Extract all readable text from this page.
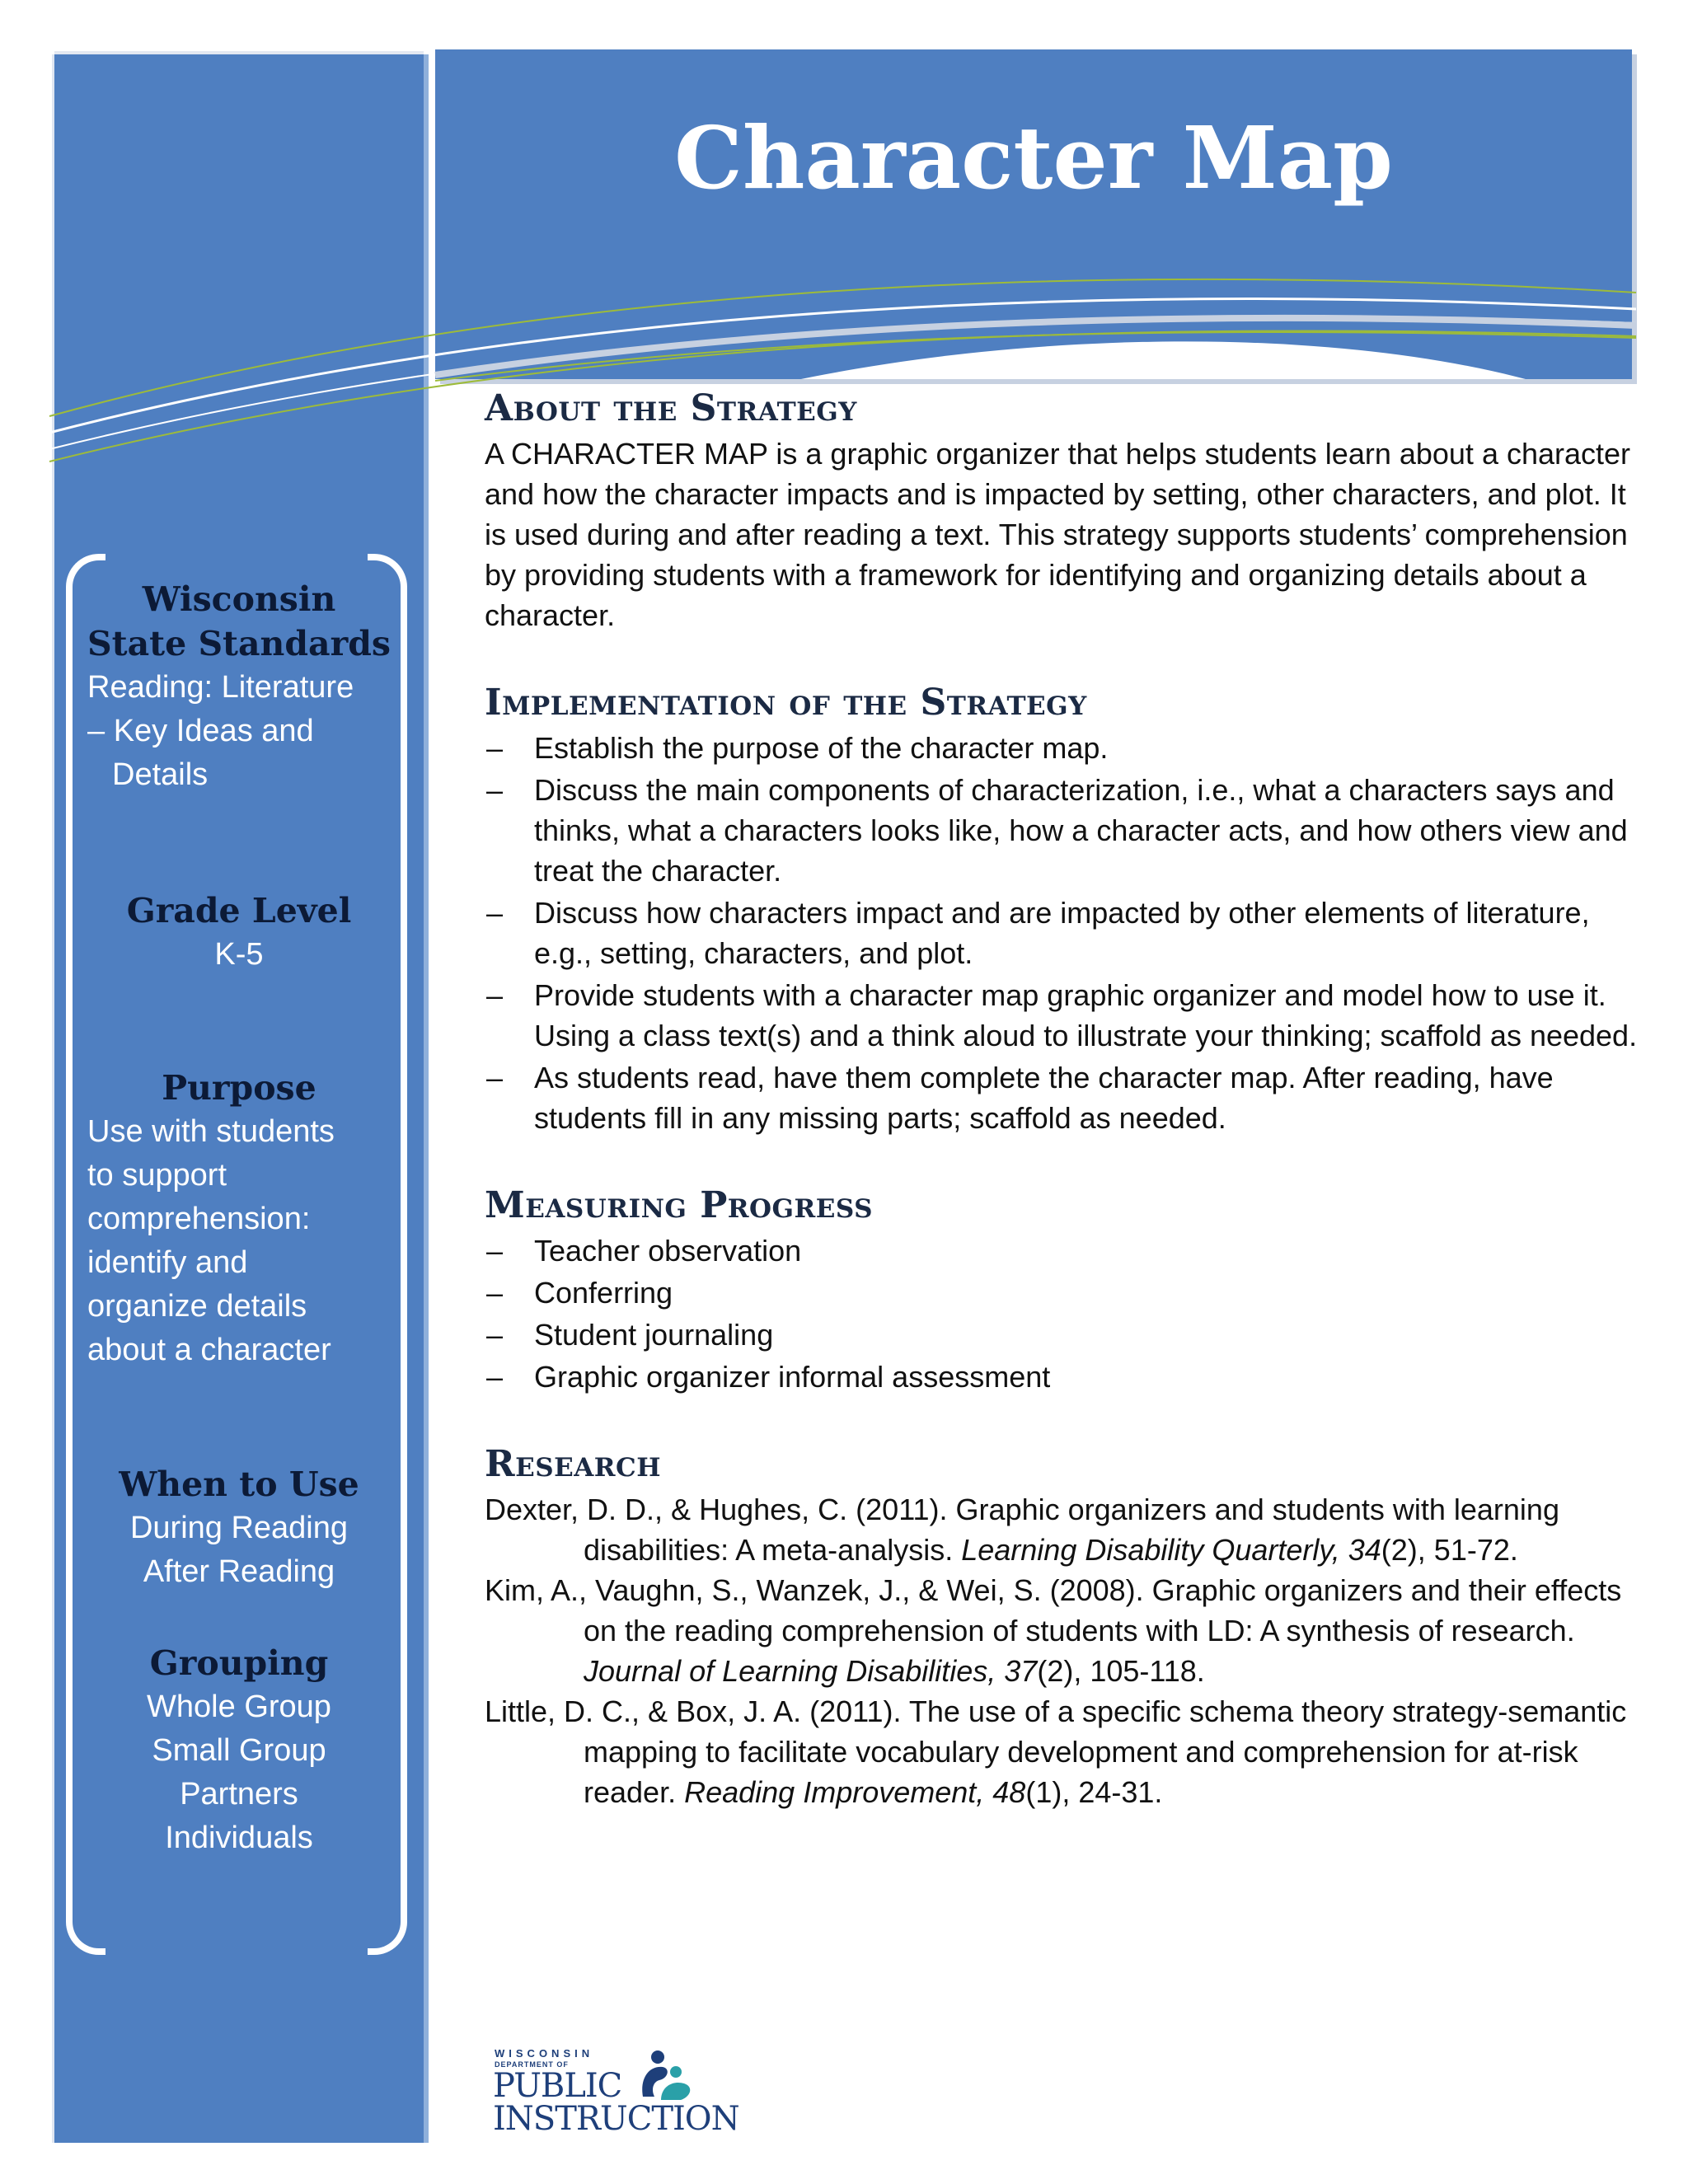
Wisconsin

State Standards

Reading: Literature

– Key Ideas and

Details

Grade Level

K-5

Purpose

Use with students

to support

comprehension:

identify and

organize details

about a character

When to Use

During Reading

After Reading

Grouping

Whole Group

Small Group

Partners

Individuals

Character Map
About the Strategy

A CHARACTER MAP is a graphic organizer that helps students learn about a character and how the character impacts and is impacted by setting, other characters, and plot. It is used during and after reading a text. This strategy supports students’ comprehension by providing students with a framework for identifying and organizing details about a character.

Implementation of the Strategy
– Establish the purpose of the character map.
– Discuss the main components of characterization, i.e., what a characters says and thinks, what a characters looks like, how a character acts, and how others view and treat the character.
– Discuss how characters impact and are impacted by other elements of literature, e.g., setting, characters, and plot.
– Provide students with a character map graphic organizer and model how to use it. Using a class text(s) and a think aloud to illustrate your thinking; scaffold as needed.
– As students read, have them complete the character map. After reading, have students fill in any missing parts; scaffold as needed.
Measuring Progress
– Teacher observation
– Conferring
– Student journaling
– Graphic organizer informal assessment
Research

Dexter, D. D., & Hughes, C. (2011). Graphic organizers and students with learning disabilities: A meta-analysis. Learning Disability Quarterly, 34(2), 51-72.

Kim, A., Vaughn, S., Wanzek, J., & Wei, S. (2008). Graphic organizers and their effects on the reading comprehension of students with LD: A synthesis of research. Journal of Learning Disabilities, 37(2), 105-118.

Little, D. C., & Box, J. A. (2011). The use of a specific schema theory strategy-semantic mapping to facilitate vocabulary development and comprehension for at-risk reader. Reading Improvement, 48(1), 24-31.

WISCONSIN
DEPARTMENT OF
PUBLIC
INSTRUCTION
